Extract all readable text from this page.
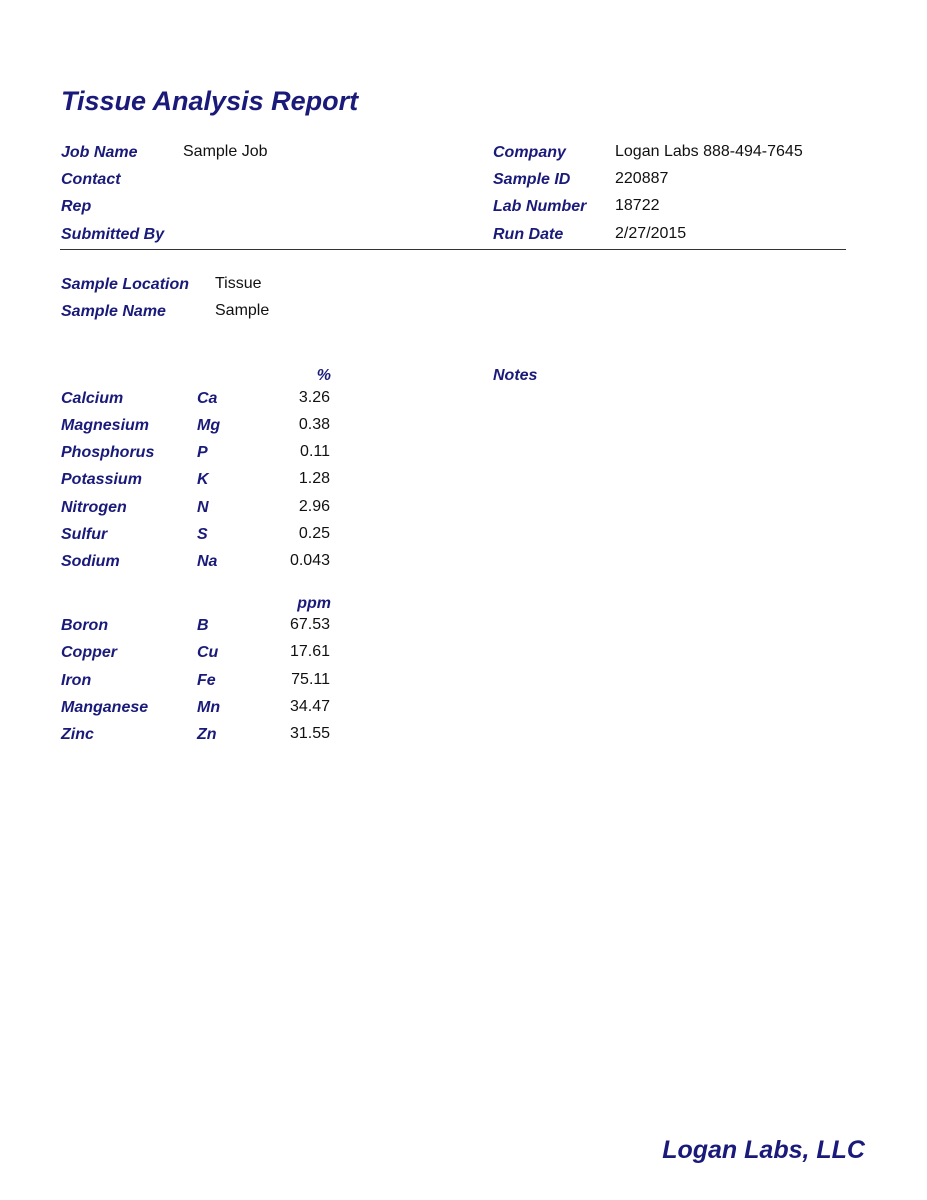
Tissue Analysis Report
Job Name	Sample Job
Contact
Rep
Submitted By
Company	Logan Labs 888-494-7645
Sample ID	220887
Lab Number 18722
Run Date	2/27/2015
Sample Location Tissue
Sample Name	Sample
Notes
%
Calcium	Ca	3.26
Magnesium	Mg	0.38
Phosphorus	P	0.11
Potassium	K	1.28
Nitrogen	N	2.96
Sulfur	S	0.25
Sodium	Na	0.043
ppm
Boron	B	67.53
Copper	Cu	17.61
Iron	Fe	75.11
Manganese	Mn	34.47
Zinc	Zn	31.55
Logan Labs, LLC
